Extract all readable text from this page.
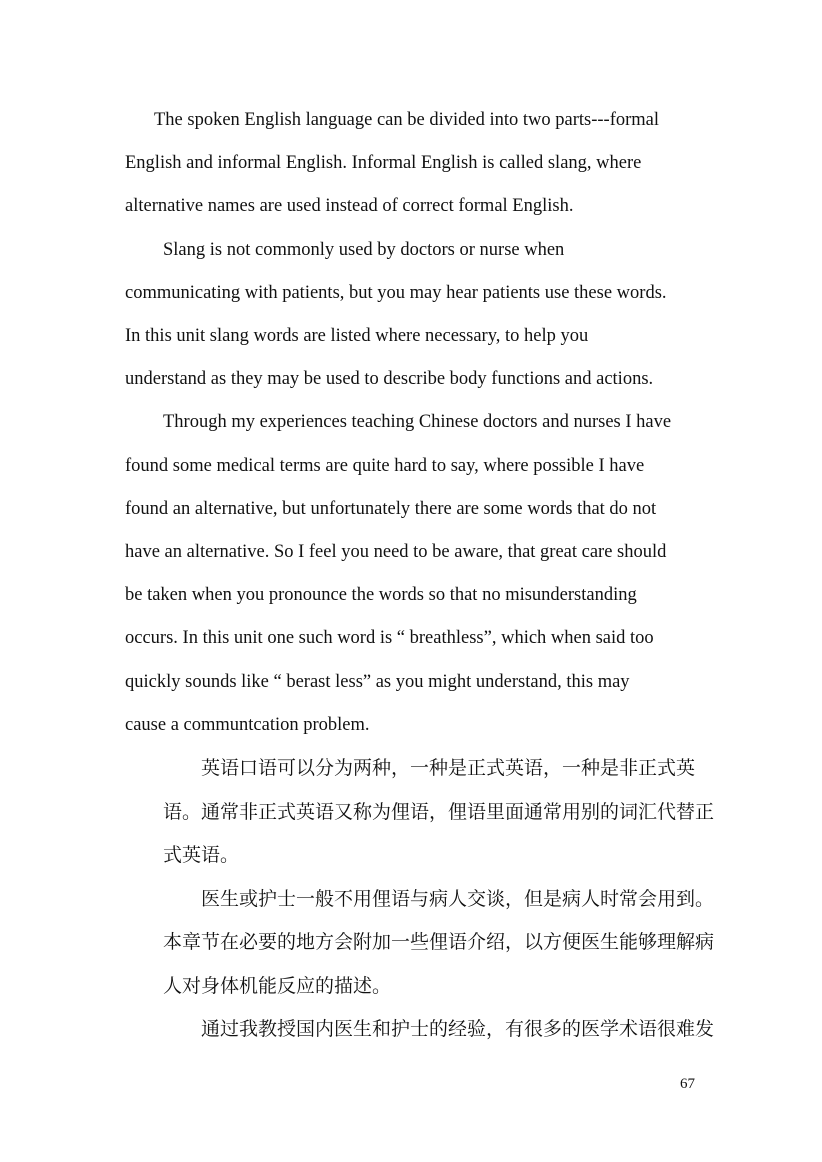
The spoken English language can be divided into two parts---formal
English and informal English. Informal English is called slang, where
alternative names are used instead of correct formal English.
Slang is not commonly used by doctors or nurse when
communicating with patients, but you may hear patients use these words.
In this unit slang words are listed where necessary, to help you
understand as they may be used to describe body functions and actions.
Through my experiences teaching Chinese doctors and nurses I have
found some medical terms are quite hard to say, where possible I have
found an alternative, but unfortunately there are some words that do not
have an alternative. So I feel you need to be aware, that great care should
be taken when you pronounce the words so that no misunderstanding
occurs. In this unit one such word is “ breathless”, which when said too
quickly sounds like “ berast less” as you might understand, this may
cause a communtcation problem.
英语口语可以分为两种，一种是正式英语，一种是非正式英
语。通常非正式英语又称为俚语，俚语里面通常用别的词汇代替正
式英语。
医生或护士一般不用俚语与病人交谈，但是病人时常会用到。
本章节在必要的地方会附加一些俚语介绍，以方便医生能够理解病
人对身体机能反应的描述。
通过我教授国内医生和护士的经验，有很多的医学术语很难发
67
